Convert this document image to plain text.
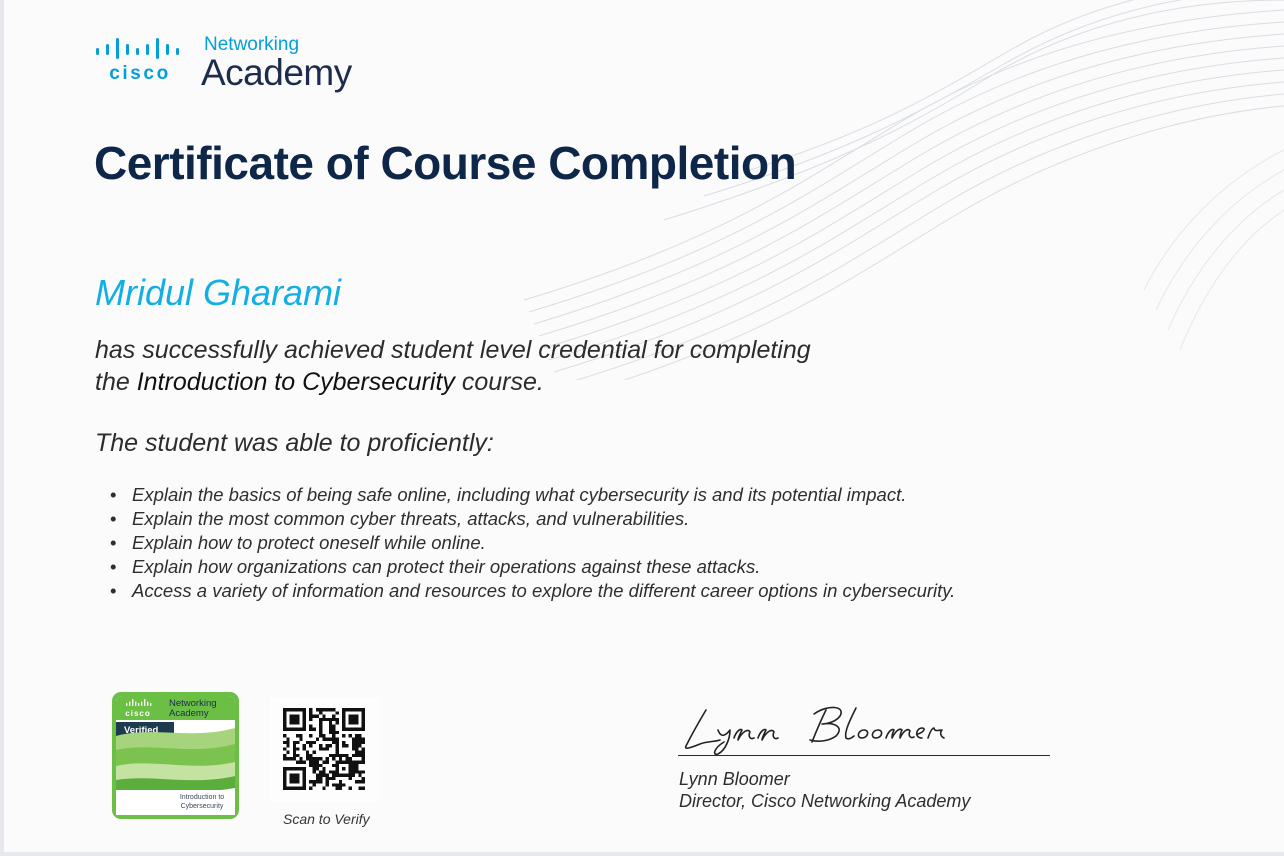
cisco
Networking
Academy
Certificate of Course Completion
Mridul Gharami
has successfully achieved student level credential for completing
the Introduction to Cybersecurity course.
The student was able to proficiently:
• Explain the basics of being safe online, including what cybersecurity is and its potential impact.
• Explain the most common cyber threats, attacks, and vulnerabilities.
• Explain how to protect oneself while online.
• Explain how organizations can protect their operations against these attacks.
• Access a variety of information and resources to explore the different career options in cybersecurity.
cisco
Networking
Academy
Verified
Introduction to
Cybersecurity
Scan to Verify
Lynn Bloomer
Director, Cisco Networking Academy
